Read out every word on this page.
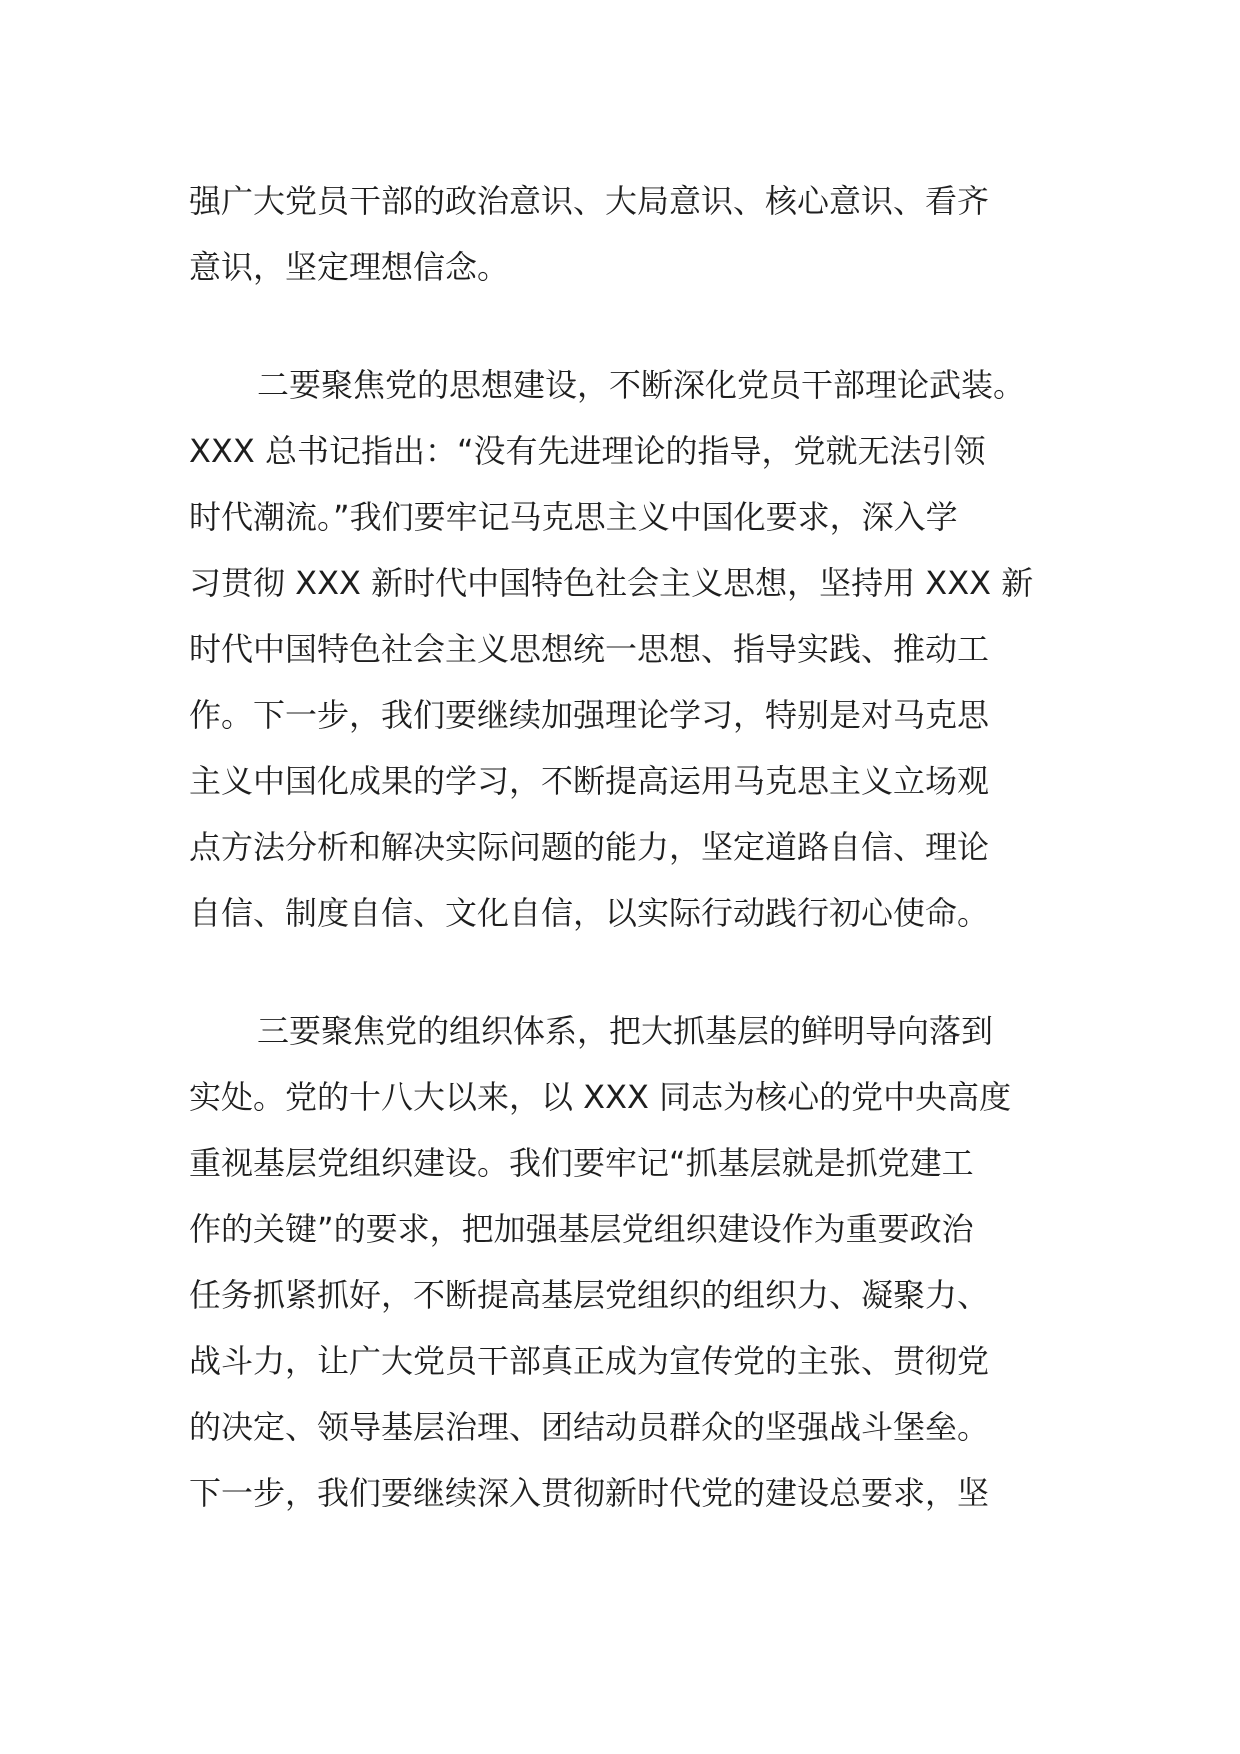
强广大党员干部的政治意识、大局意识、核心意识、看齐
意识，坚定理想信念。

二要聚焦党的思想建设，不断深化党员干部理论武装。
XXX 总书记指出：“没有先进理论的指导，党就无法引领
时代潮流。”我们要牢记马克思主义中国化要求，深入学
习贯彻 XXX 新时代中国特色社会主义思想，坚持用 XXX 新
时代中国特色社会主义思想统一思想、指导实践、推动工
作。下一步，我们要继续加强理论学习，特别是对马克思
主义中国化成果的学习，不断提高运用马克思主义立场观
点方法分析和解决实际问题的能力，坚定道路自信、理论
自信、制度自信、文化自信，以实际行动践行初心使命。

三要聚焦党的组织体系，把大抓基层的鲜明导向落到
实处。党的十八大以来，以 XXX 同志为核心的党中央高度
重视基层党组织建设。我们要牢记“抓基层就是抓党建工
作的关键”的要求，把加强基层党组织建设作为重要政治
任务抓紧抓好，不断提高基层党组织的组织力、凝聚力、
战斗力，让广大党员干部真正成为宣传党的主张、贯彻党
的决定、领导基层治理、团结动员群众的坚强战斗堡垒。
下一步，我们要继续深入贯彻新时代党的建设总要求，坚
